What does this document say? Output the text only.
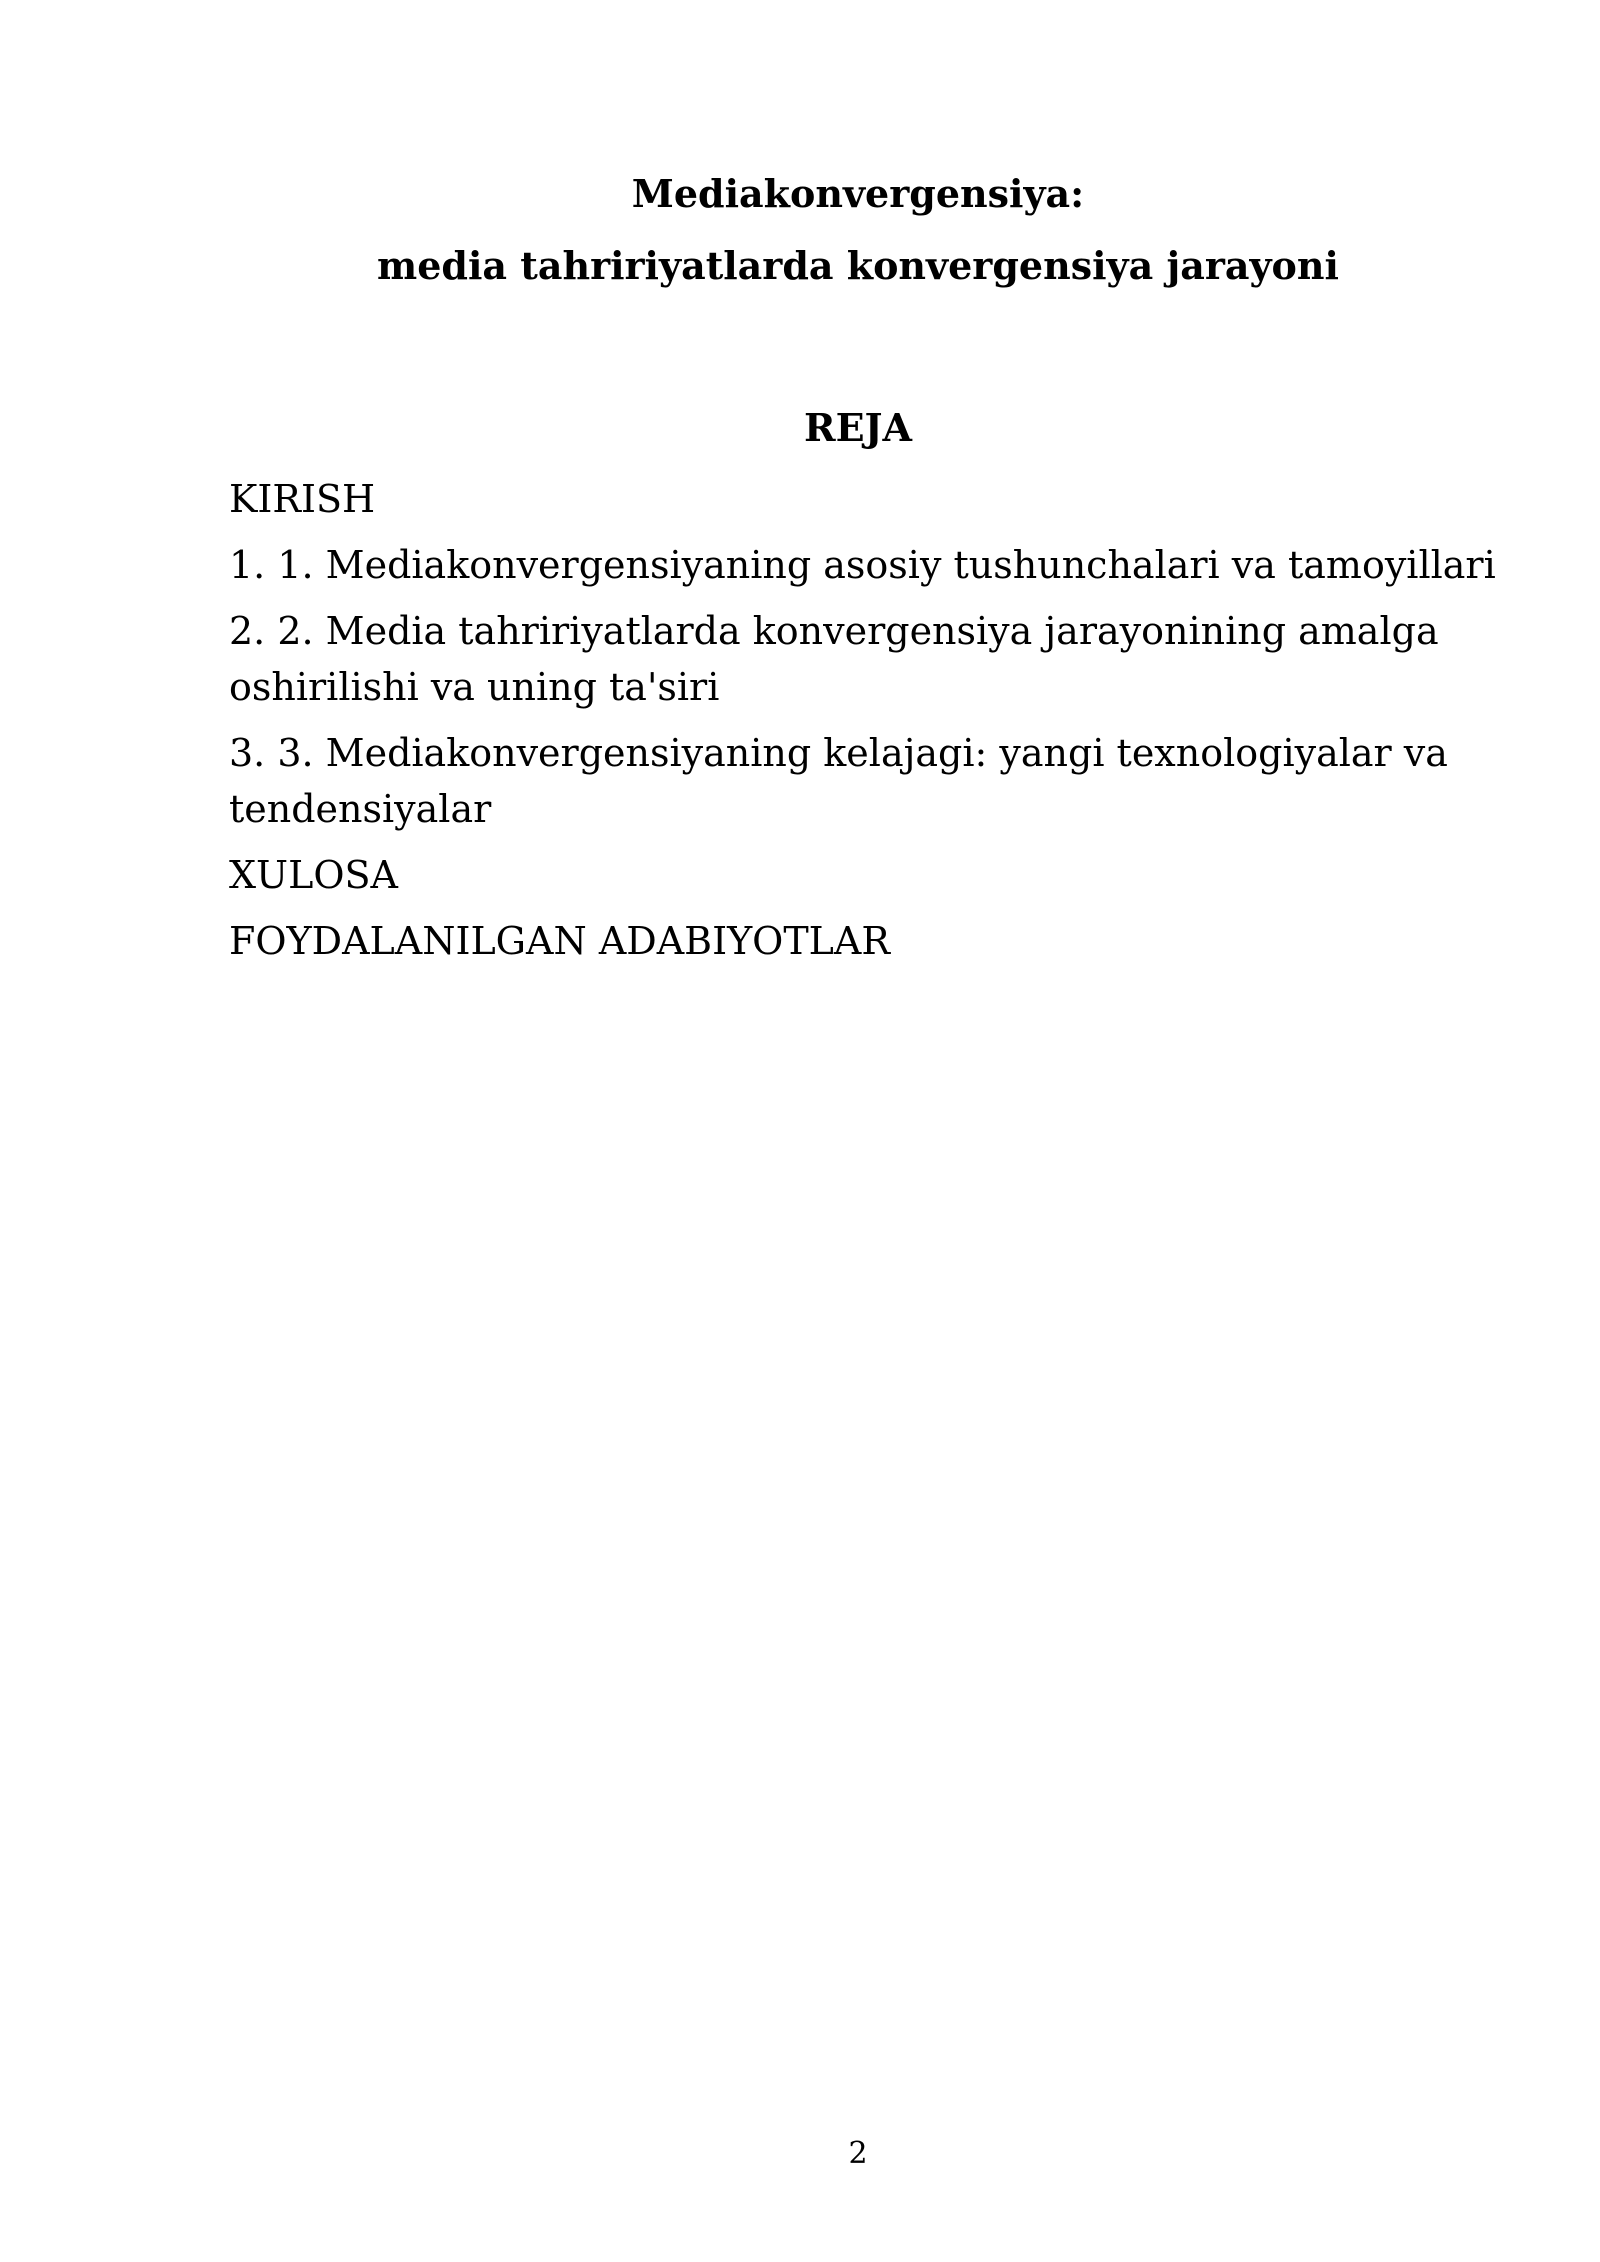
Mediakonvergensiya:
media tahririyatlarda konvergensiya jarayoni
REJA
KIRISH
1. 1. Mediakonvergensiyaning asosiy tushunchalari va tamoyillari
2. 2. Media tahririyatlarda konvergensiya jarayonining amalga oshirilishi va uning ta'siri
3. 3. Mediakonvergensiyaning kelajagi: yangi texnologiyalar va tendensiyalar
XULOSA
FOYDALANILGAN ADABIYOTLAR
2
